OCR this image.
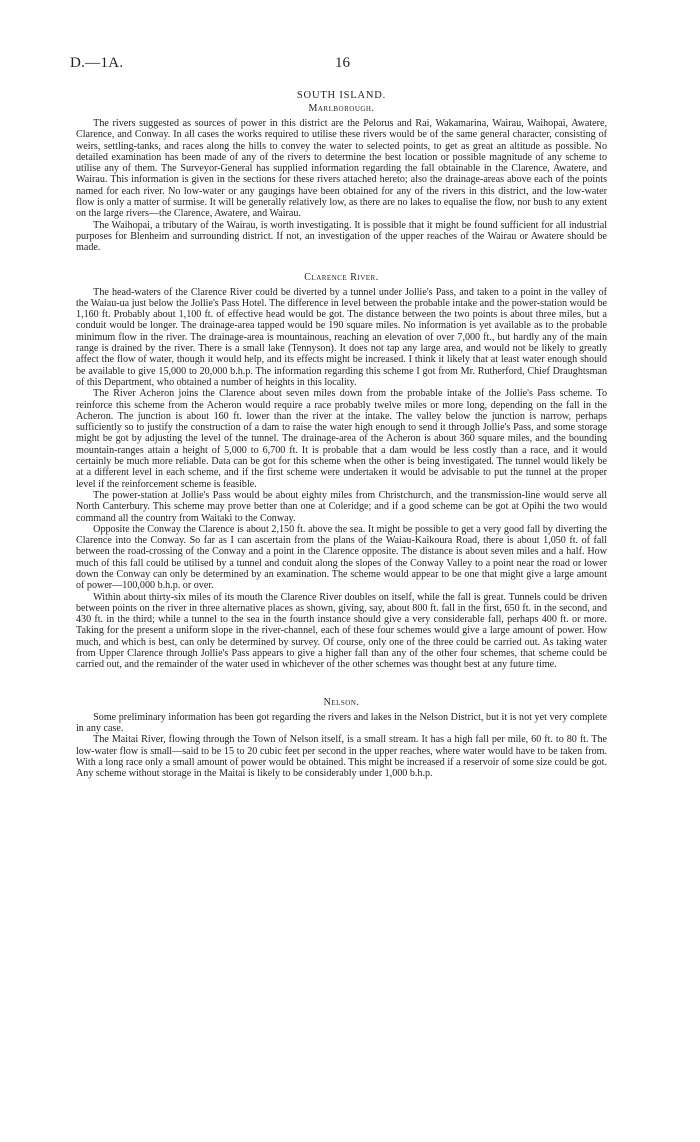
D.—1A.	16
SOUTH ISLAND.
Marlborough.

The rivers suggested as sources of power in this district are the Pelorus and Rai, Wakamarina, Wairau, Waihopai, Awatere, Clarence, and Conway. In all cases the works required to utilise these rivers would be of the same general character, consisting of weirs, settling-tanks, and races along the hills to convey the water to selected points, to get as great an altitude as possible. No detailed examination has been made of any of the rivers to determine the best location or possible magnitude of any scheme to utilise any of them. The Surveyor-General has supplied information regarding the fall obtainable in the Clarence, Awatere, and Wairau. This information is given in the sections for these rivers attached hereto; also the drainage-areas above each of the points named for each river. No low-water or any gaugings have been obtained for any of the rivers in this district, and the low-water flow is only a matter of surmise. It will be generally relatively low, as there are no lakes to equalise the flow, nor bush to any extent on the large rivers—the Clarence, Awatere, and Wairau.

The Waihopai, a tributary of the Wairau, is worth investigating. It is possible that it might be found sufficient for all industrial purposes for Blenheim and surrounding district. If not, an investigation of the upper reaches of the Wairau or Awatere should be made.

Clarence River.

The head-waters of the Clarence River could be diverted by a tunnel under Jollie's Pass, and taken to a point in the valley of the Waiau-ua just below the Jollie's Pass Hotel. The difference in level between the probable intake and the power-station would be 1,160 ft. Probably about 1,100 ft. of effective head would be got. The distance between the two points is about three miles, but a conduit would be longer. The drainage-area tapped would be 190 square miles. No information is yet available as to the probable minimum flow in the river. The drainage-area is mountainous, reaching an elevation of over 7,000 ft., but hardly any of the main range is drained by the river. There is a small lake (Tennyson). It does not tap any large area, and would not be likely to greatly affect the flow of water, though it would help, and its effects might be increased. I think it likely that at least water enough should be available to give 15,000 to 20,000 b.h.p. The information regarding this scheme I got from Mr. Rutherford, Chief Draughtsman of this Department, who obtained a number of heights in this locality.

The River Acheron joins the Clarence about seven miles down from the probable intake of the Jollie's Pass scheme. To reinforce this scheme from the Acheron would require a race probably twelve miles or more long, depending on the fall in the Acheron. The junction is about 160 ft. lower than the river at the intake. The valley below the junction is narrow, perhaps sufficiently so to justify the construction of a dam to raise the water high enough to send it through Jollie's Pass, and some storage might be got by adjusting the level of the tunnel. The drainage-area of the Acheron is about 360 square miles, and the bounding mountain-ranges attain a height of 5,000 to 6,700 ft. It is probable that a dam would be less costly than a race, and it would certainly be much more reliable. Data can be got for this scheme when the other is being investigated. The tunnel would likely be at a different level in each scheme, and if the first scheme were undertaken it would be advisable to put the tunnel at the proper level if the reinforcement scheme is feasible.

The power-station at Jollie's Pass would be about eighty miles from Christchurch, and the transmission-line would serve all North Canterbury. This scheme may prove better than one at Coleridge; and if a good scheme can be got at Opihi the two would command all the country from Waitaki to the Conway.

Opposite the Conway the Clarence is about 2,150 ft. above the sea. It might be possible to get a very good fall by diverting the Clarence into the Conway. So far as I can ascertain from the plans of the Waiau-Kaikoura Road, there is about 1,050 ft. of fall between the road-crossing of the Conway and a point in the Clarence opposite. The distance is about seven miles and a half. How much of this fall could be utilised by a tunnel and conduit along the slopes of the Conway Valley to a point near the road or lower down the Conway can only be determined by an examination. The scheme would appear to be one that might give a large amount of power—100,000 b.h.p. or over.

Within about thirty-six miles of its mouth the Clarence River doubles on itself, while the fall is great. Tunnels could be driven between points on the river in three alternative places as shown, giving, say, about 800 ft. fall in the first, 650 ft. in the second, and 430 ft. in the third; while a tunnel to the sea in the fourth instance should give a very considerable fall, perhaps 400 ft. or more. Taking for the present a uniform slope in the river-channel, each of these four schemes would give a large amount of power. How much, and which is best, can only be determined by survey. Of course, only one of the three could be carried out. As taking water from Upper Clarence through Jollie's Pass appears to give a higher fall than any of the other four schemes, that scheme could be carried out, and the remainder of the water used in whichever of the other schemes was thought best at any future time.

Nelson.

Some preliminary information has been got regarding the rivers and lakes in the Nelson District, but it is not yet very complete in any case.

The Maitai River, flowing through the Town of Nelson itself, is a small stream. It has a high fall per mile, 60 ft. to 80 ft. The low-water flow is small—said to be 15 to 20 cubic feet per second in the upper reaches, where water would have to be taken from. With a long race only a small amount of power would be obtained. This might be increased if a reservoir of some size could be got. Any scheme without storage in the Maitai is likely to be considerably under 1,000 b.h.p.
